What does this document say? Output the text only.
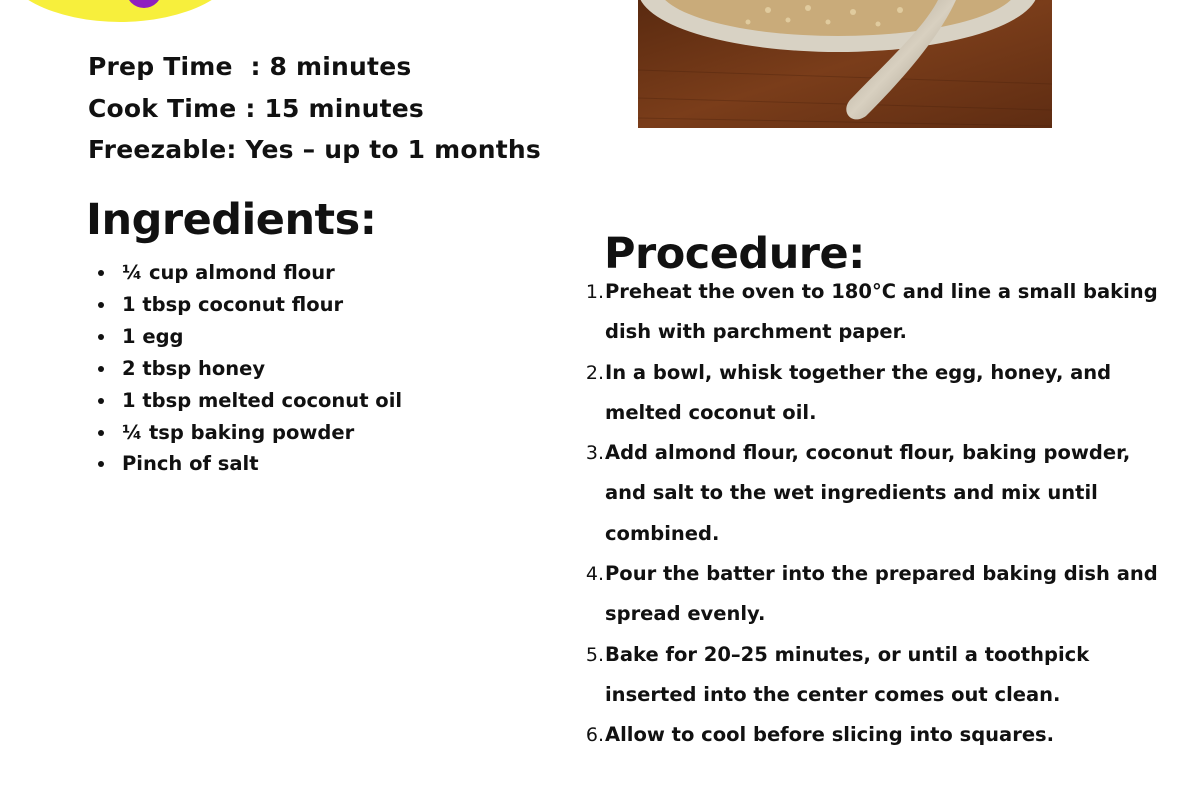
Prep Time  : 8 minutes
Cook Time : 15 minutes
Freezable: Yes – up to 1 months
Ingredients:
¼ cup almond flour
1 tbsp coconut flour
1 egg
2 tbsp honey
1 tbsp melted coconut oil
¼ tsp baking powder
Pinch of salt
Procedure:
1. Preheat the oven to 180°C and line a small baking dish with parchment paper.
2. In a bowl, whisk together the egg, honey, and melted coconut oil.
3. Add almond flour, coconut flour, baking powder, and salt to the wet ingredients and mix until combined.
4. Pour the batter into the prepared baking dish and spread evenly.
5. Bake for 20–25 minutes, or until a toothpick inserted into the center comes out clean.
6. Allow to cool before slicing into squares.
